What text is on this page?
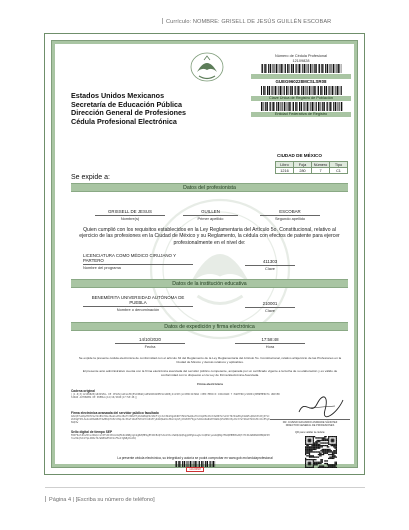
Currículo: NOMBRE: GRISELL DE JESÚS GUILLÉN ESCOBAR
Estados Unidos Mexicanos
Secretaría de Educación Pública
Dirección General de Profesiones
Cédula Profesional Electrónica
Número de Cédula Profesional
12109828

GUEG960228MCSLSR08
Clave Única de Registro de Población
Entidad Federativa de Registro
CIUDAD DE MÉXICO
Libro	Foja	Número	Tipo
1216	280	7	C1
Se expide a:
Datos del profesionista
GRISSELL DE JESUS
Nombre(s)
GUILLEN
Primer apellido
ESCOBAR
Segundo apellido
Quien cumplió con los requisitos establecidos en la Ley Reglamentaria del Artículo 5o. Constitucional, relativo al ejercicio de las profesiones en la Ciudad de México y su Reglamento, la cédula con efectos de patente para ejercer profesionalmente en el nivel de:
LICENCIATURA COMO MÉDICO CIRUJANO Y PARTERO
Nombre del programa
411303
Clave
Datos de la institución educativa
BENEMÉRITA UNIVERSIDAD AUTÓNOMA DE PUEBLA
Nombre o denominación
210001
Clave
Datos de expedición y firma electrónica
14/10/2020
Fecha
17:58:48
Hora
Se expide la presente cédula electrónica de conformidad con el artículo 32 del Reglamento de la Ley Reglamentaria del Artículo 5o. Constitucional, relativo al Ejercicio de las Profesiones en la Ciudad de México y demás relativos y aplicables.
El presente acto administrativo cuenta con la firma electrónica avanzada del servidor público competente, amparada por un certificado vigente a la fecha de su elaboración y es válido de conformidad con lo dispuesto en la Ley de Firma Electrónica Avanzada.
Firma electrónica
Cadena original
||1.0|3|12109828|GRISSELL DE JESUS|GUILLEN|ESCOBAR|GUEG960228MCSLSR08|411303|LICENCIATURA COMO MEDICO CIRUJANO Y PARTERO|210001|BENEMERITA UNIVERSIDAD AUTONOMA DE PUEBLA|14/10/2020|17:58:48||
DR. JUVENIO EDUARDO ANDRADE SÁNCHEZ
DIRECTOR GENERAL DE PROFESIONES
Firma electrónica avanzada del servidor público facultado
A8xQ3fLm0pZtR7kVwY2nB9cH4sJ6eG1uD5oI8aT3rN0vE7yK2mW9qP4xS6hF1jL5zC8bU3gA0dR7tM2nV9wQ4eY6iO1pH5kJ8cX3sB0fG7uZ2lT9rN4aE6yD1mW5vQ8oK3hI0jP7xC2bS9gF4tL6uA1zR5eN8dY3wM0qV7kH2iO9pJ4cX6sT1bG5fU8lZ3rA0nE7yD2mQ9wK4vH6oI1pS5jC8xB3tF0gL7uR2zA9eN4dY6mW1qV5kH8iO3pJ0cX7sT2bG9fU4lZ6rA1nE5yD8mQ3w
Sello digital de tiempo SEP
MIIF0wYJKoZIhvcNAQcCoIIFxDCCBcACAQMxDzANBglghkgBZQMEAgEFADCBzQYLKoZIhvcNAQkQAQSggb0EgbowgbcCAQEGCysGAQQBgrM0AQEBMDEwDQYJYIZIAWUDBAIBBQAEIH3xv8kqY2nZ7pLhR0sT4cWmB9aE5dV1oF6uJ3gN8yKxAhQ
QR para validar la cédula:
La presente cédula electrónica, su integridad y autoría se podrá comprobar en www.gob.mx/cedulaprofesional
12109828
Página 4 | [Escriba su número de teléfono]
